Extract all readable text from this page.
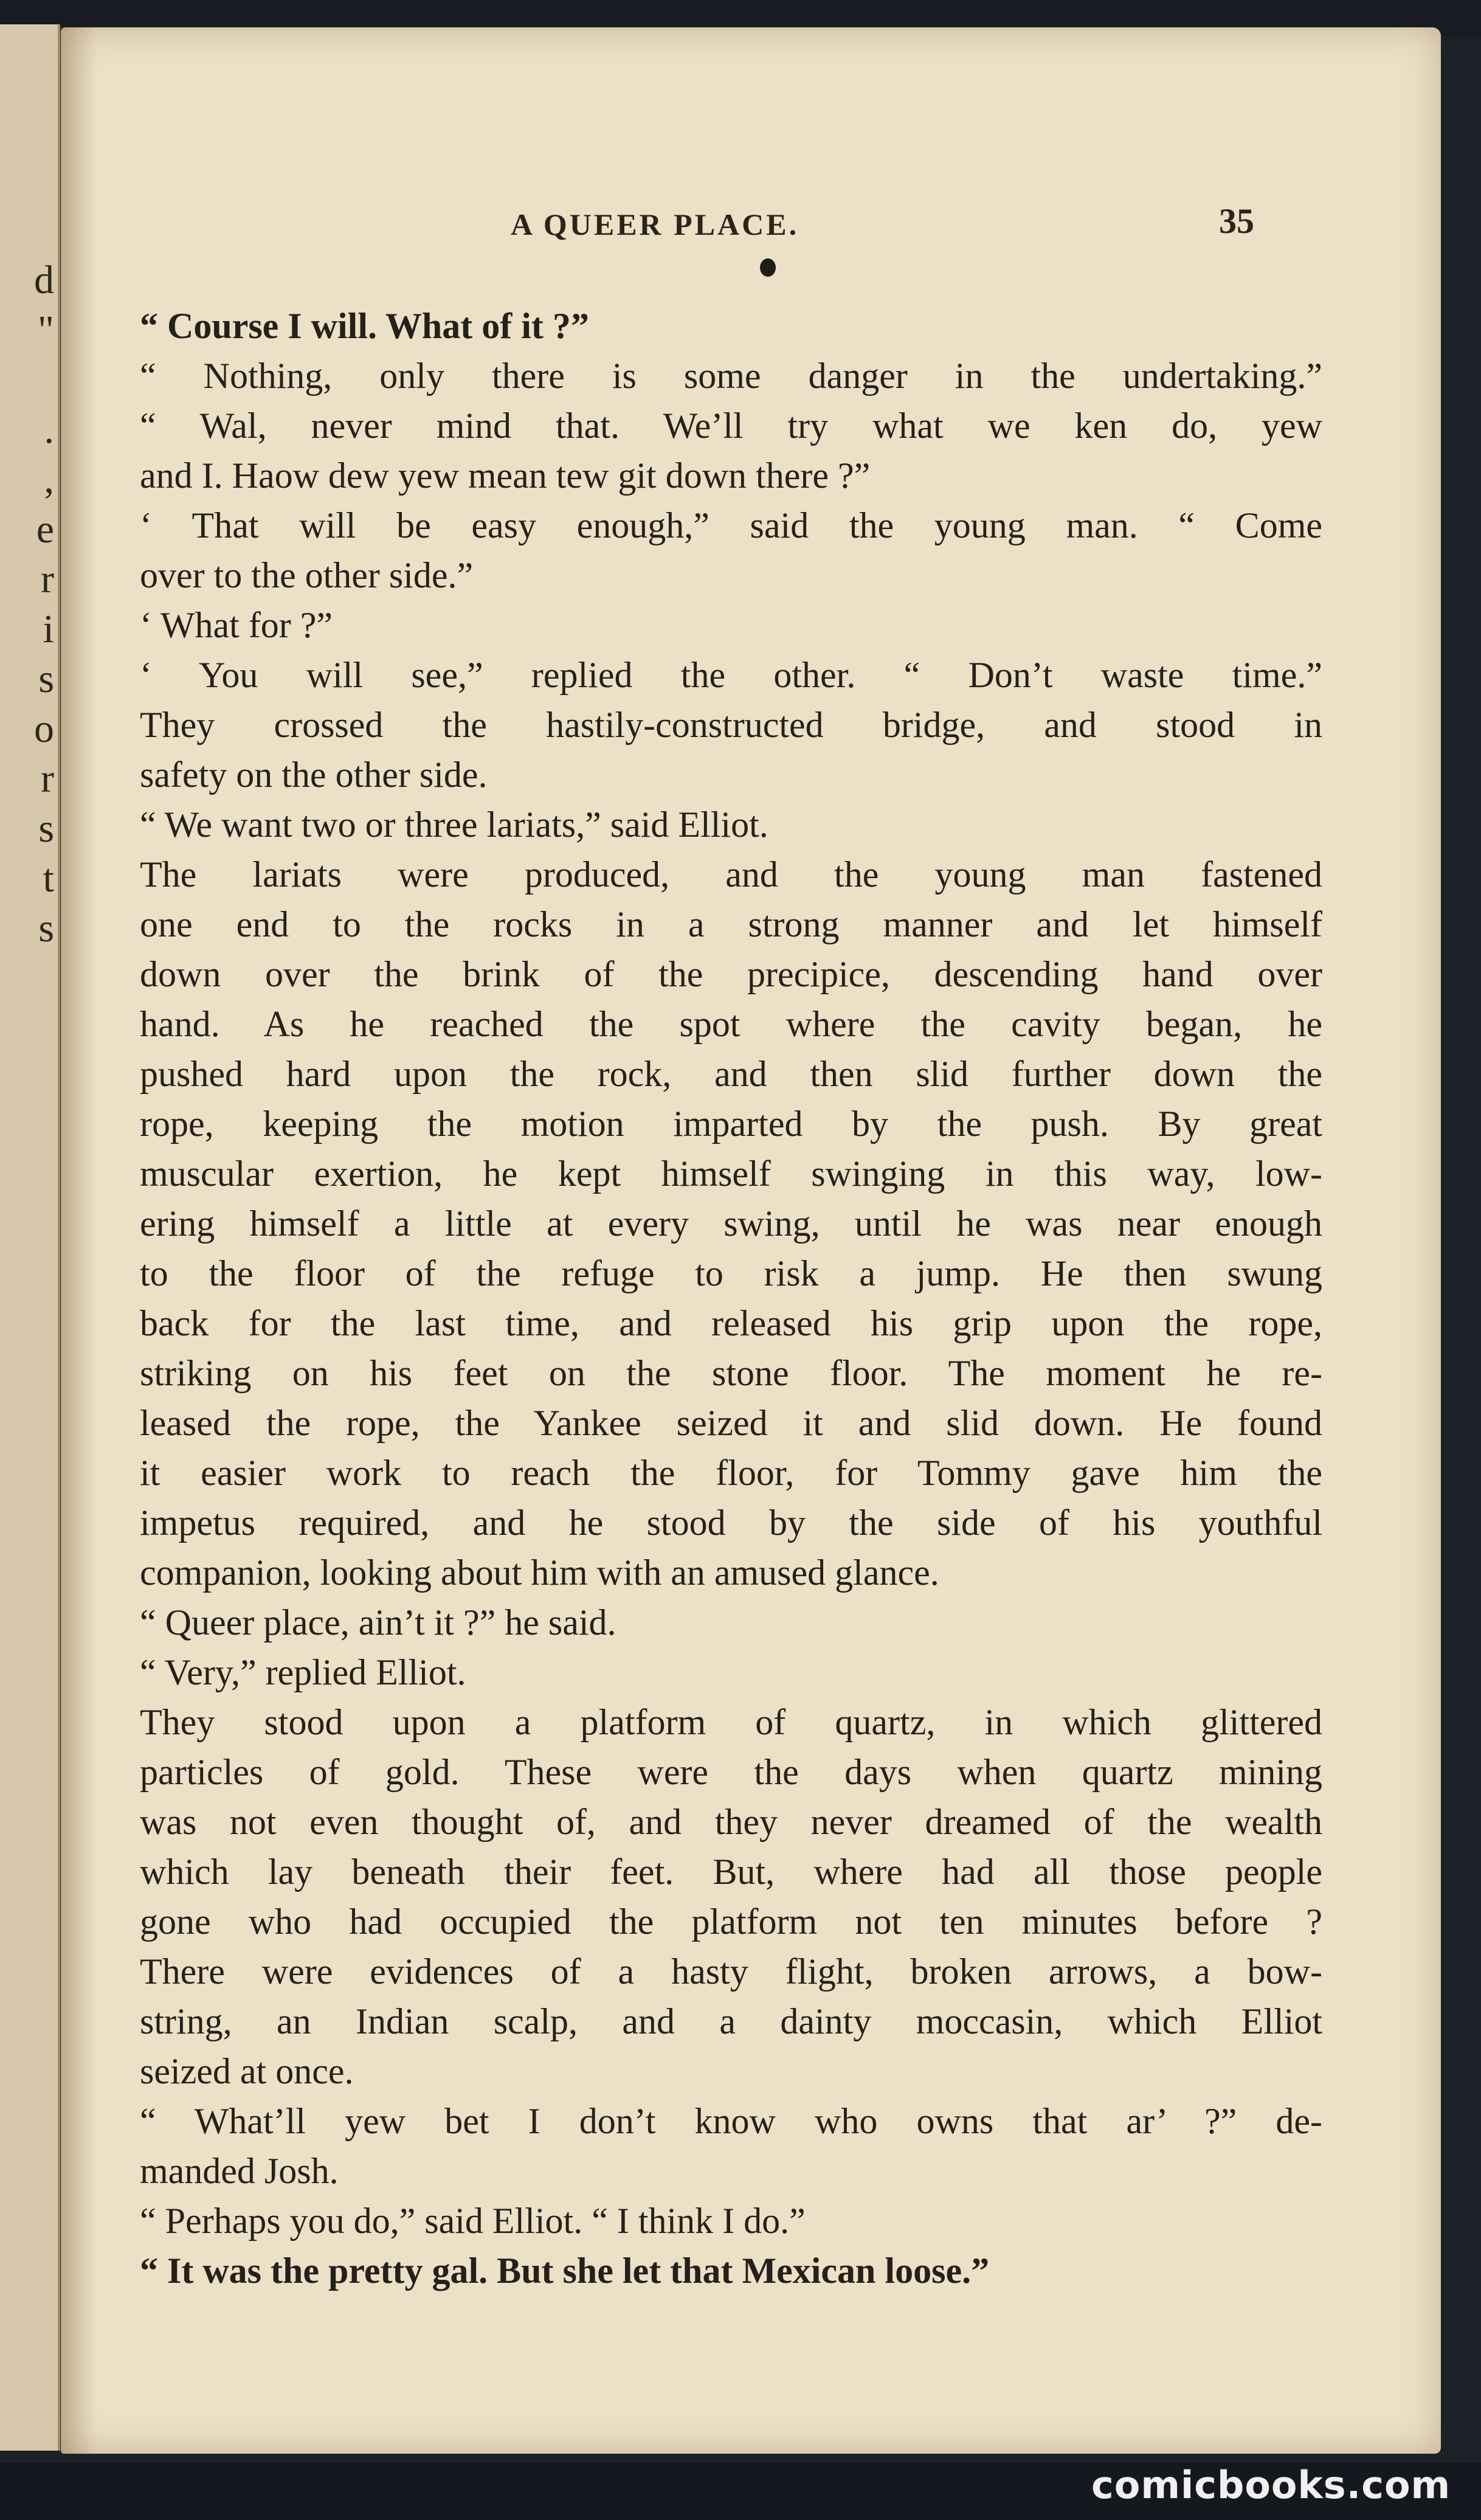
d
"
.
,
e
r
i
s
o
r
s
t
s
A QUEER PLACE.	35
“ Course I will. What of it ?”
“ Nothing, only there is some danger in the undertaking.”
“ Wal, never mind that. We’ll try what we ken do, yew
and I. Haow dew yew mean tew git down there ?”
‘ That will be easy enough,” said the young man. “ Come
over to the other side.”
‘ What for ?”
‘ You will see,” replied the other. “ Don’t waste time.”
They crossed the hastily-constructed bridge, and stood in
safety on the other side.
“ We want two or three lariats,” said Elliot.
The lariats were produced, and the young man fastened
one end to the rocks in a strong manner and let himself
down over the brink of the precipice, descending hand over
hand. As he reached the spot where the cavity began, he
pushed hard upon the rock, and then slid further down the
rope, keeping the motion imparted by the push. By great
muscular exertion, he kept himself swinging in this way, low-
ering himself a little at every swing, until he was near enough
to the floor of the refuge to risk a jump. He then swung
back for the last time, and released his grip upon the rope,
striking on his feet on the stone floor. The moment he re-
leased the rope, the Yankee seized it and slid down. He found
it easier work to reach the floor, for Tommy gave him the
impetus required, and he stood by the side of his youthful
companion, looking about him with an amused glance.
“ Queer place, ain’t it ?” he said.
“ Very,” replied Elliot.
They stood upon a platform of quartz, in which glittered
particles of gold. These were the days when quartz mining
was not even thought of, and they never dreamed of the wealth
which lay beneath their feet. But, where had all those people
gone who had occupied the platform not ten minutes before ?
There were evidences of a hasty flight, broken arrows, a bow-
string, an Indian scalp, and a dainty moccasin, which Elliot
seized at once.
“ What’ll yew bet I don’t know who owns that ar’ ?” de-
manded Josh.
“ Perhaps you do,” said Elliot. “ I think I do.”
“ It was the pretty gal. But she let that Mexican loose.”
comicbooks.com
